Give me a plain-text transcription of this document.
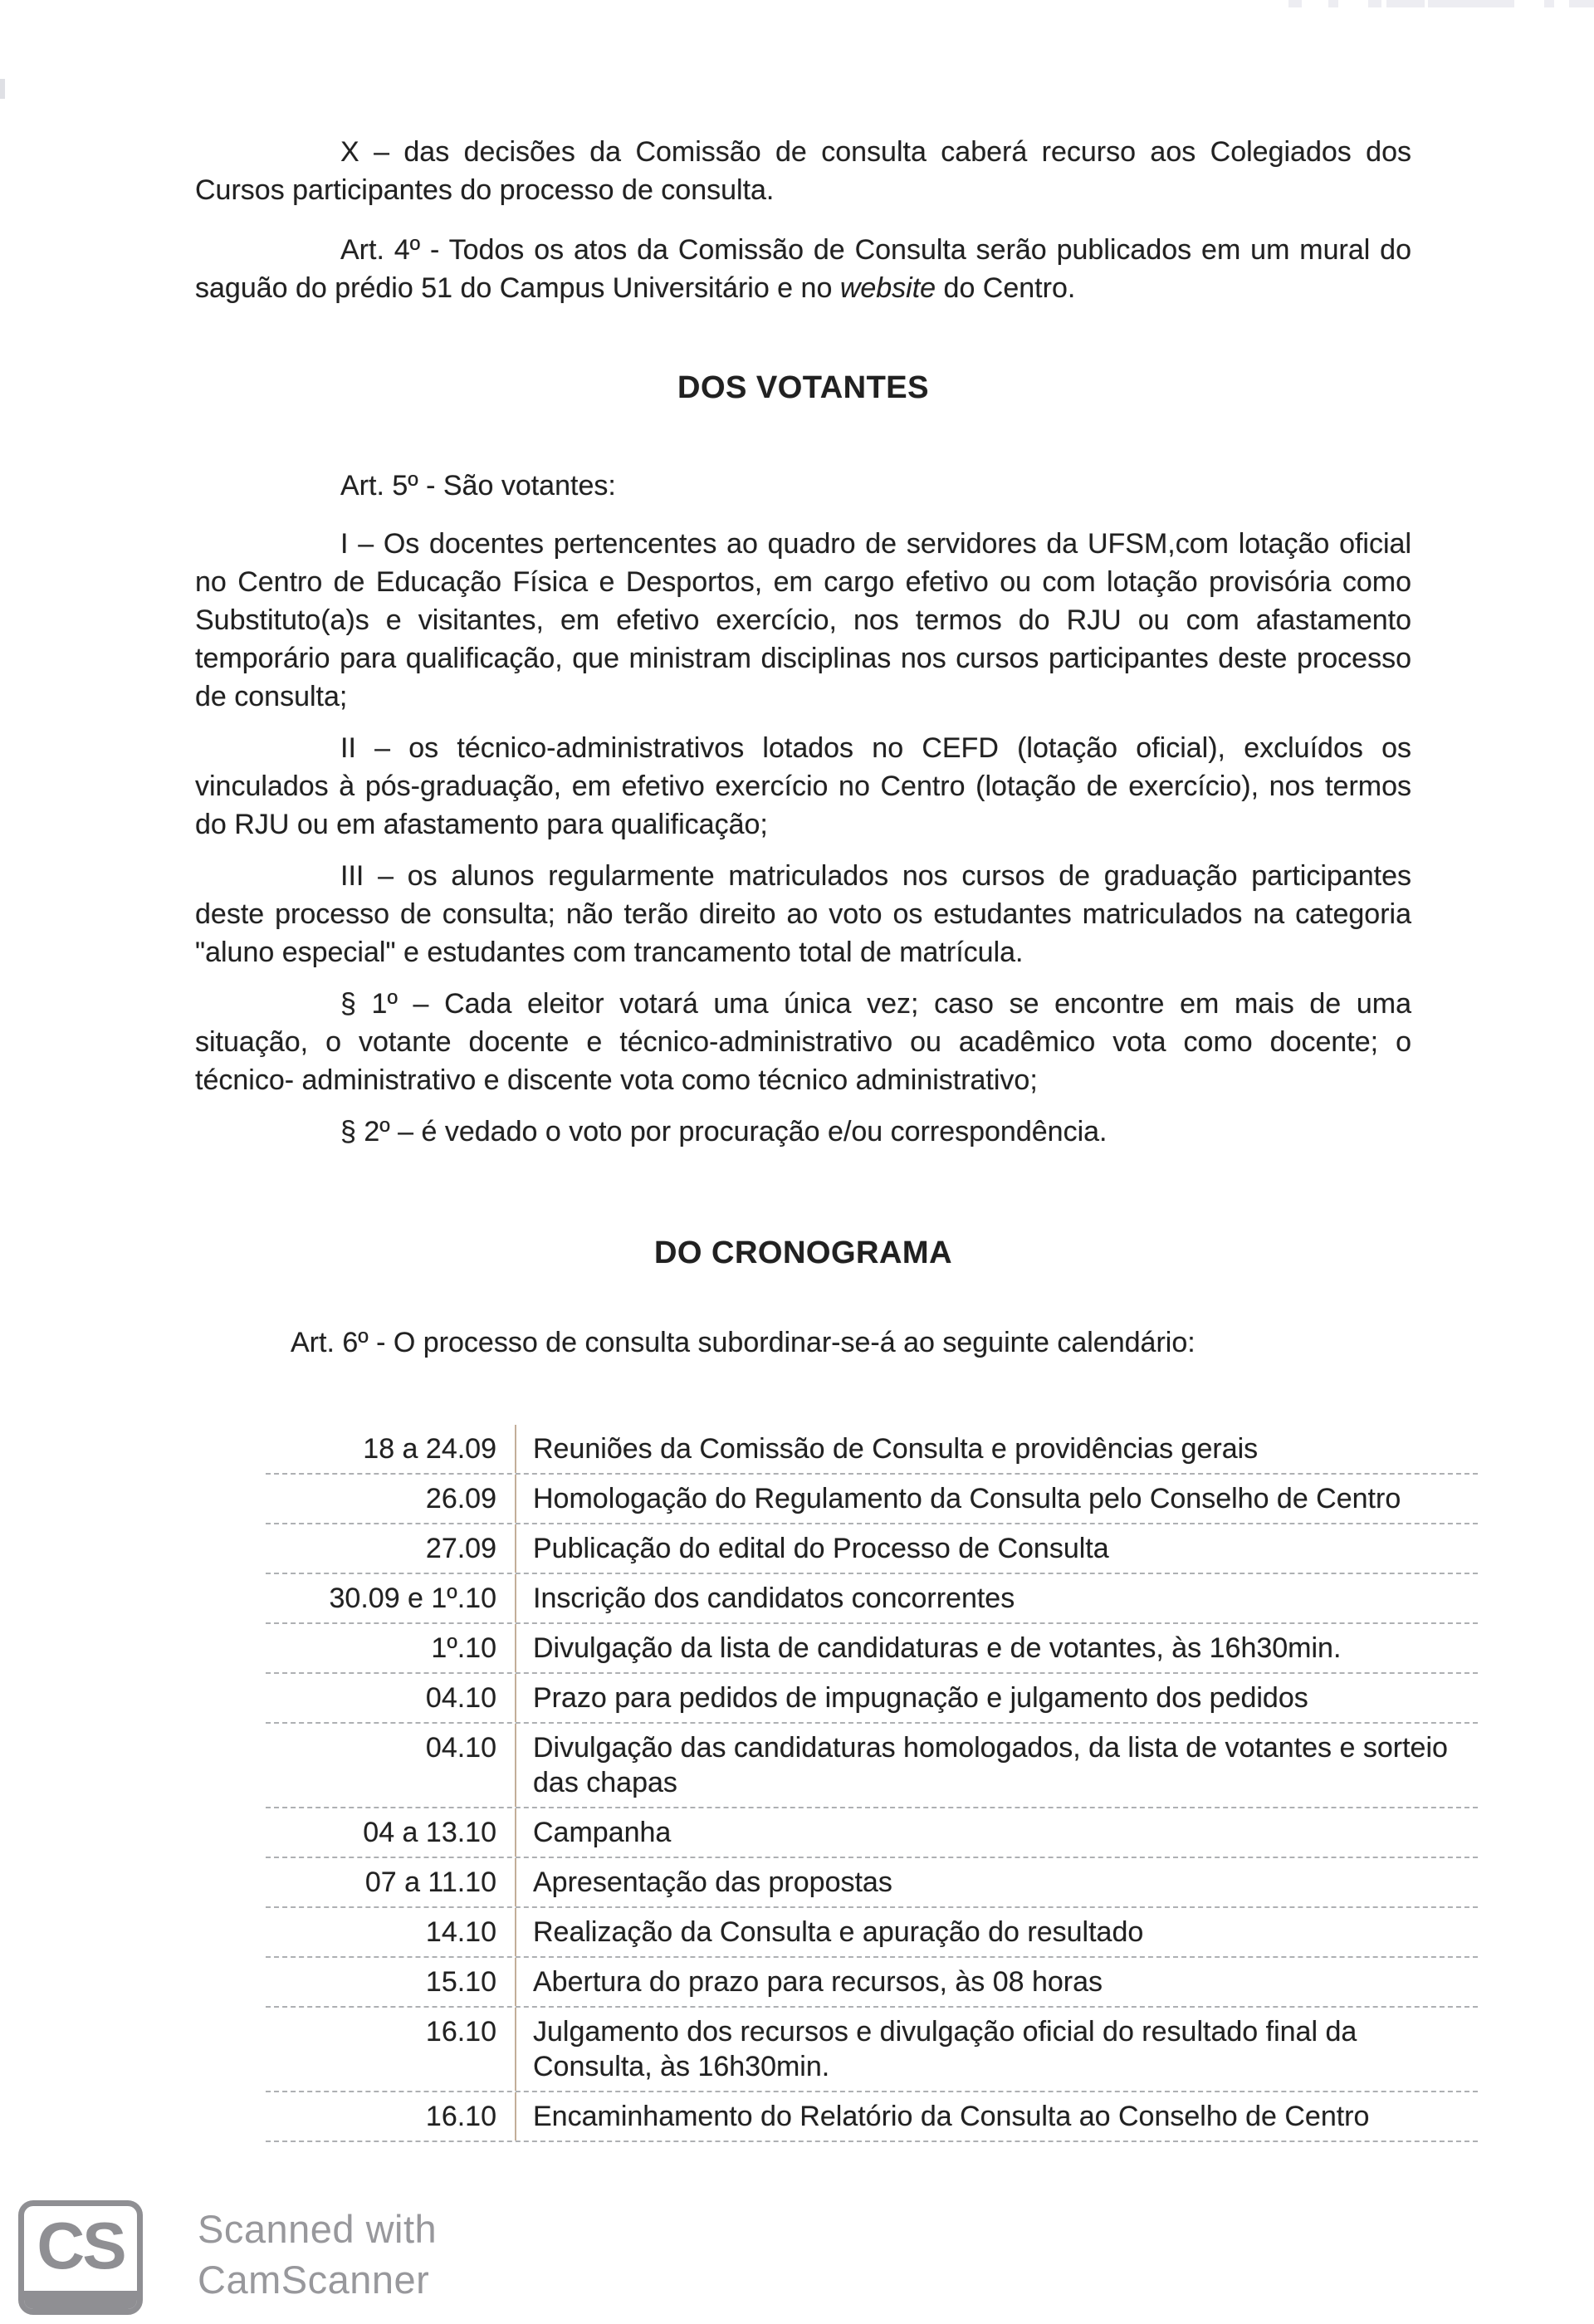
X – das decisões da Comissão de consulta caberá recurso aos Colegiados dos Cursos participantes do processo de consulta.

Art. 4º - Todos os atos da Comissão de Consulta serão publicados em um mural do saguão do prédio 51 do Campus Universitário e no website do Centro.

DOS VOTANTES

Art. 5º - São votantes:

I – Os docentes pertencentes ao quadro de servidores da UFSM,com lotação oficial no Centro de Educação Física e Desportos, em cargo efetivo ou com lotação provisória como Substituto(a)s e visitantes, em efetivo exercício, nos termos do RJU ou com afastamento temporário para qualificação, que ministram disciplinas nos cursos participantes deste processo de consulta;

II – os técnico-administrativos lotados no CEFD (lotação oficial), excluídos os vinculados à pós-graduação, em efetivo exercício no Centro (lotação de exercício), nos termos do RJU ou em afastamento para qualificação;

III – os alunos regularmente matriculados nos cursos de graduação participantes deste processo de consulta; não terão direito ao voto os estudantes matriculados na categoria "aluno especial" e estudantes com trancamento total de matrícula.

§ 1º – Cada eleitor votará uma única vez; caso se encontre em mais de uma situação, o votante docente e técnico-administrativo ou acadêmico vota como docente; o técnico- administrativo e discente vota como técnico administrativo;

§ 2º – é vedado o voto por procuração e/ou correspondência.

DO CRONOGRAMA

Art. 6º - O processo de consulta subordinar-se-á ao seguinte calendário:

18 a 24.09	Reuniões da Comissão de Consulta e providências gerais
26.09	Homologação do Regulamento da Consulta pelo Conselho de Centro
27.09	Publicação do edital do Processo de Consulta
30.09 e 1º.10	Inscrição dos candidatos concorrentes
1º.10	Divulgação da lista de candidaturas e de votantes, às 16h30min.
04.10	Prazo para pedidos de impugnação e julgamento dos pedidos
04.10	Divulgação das candidaturas homologados, da lista de votantes e sorteio das chapas
04 a 13.10	Campanha
07 a 11.10	Apresentação das propostas
14.10	Realização da Consulta e apuração do resultado
15.10	Abertura do prazo para recursos, às 08 horas
16.10	Julgamento dos recursos e divulgação oficial do resultado final da Consulta, às 16h30min.
16.10	Encaminhamento do Relatório da Consulta ao Conselho de Centro
CS	Scanned with
CamScanner
